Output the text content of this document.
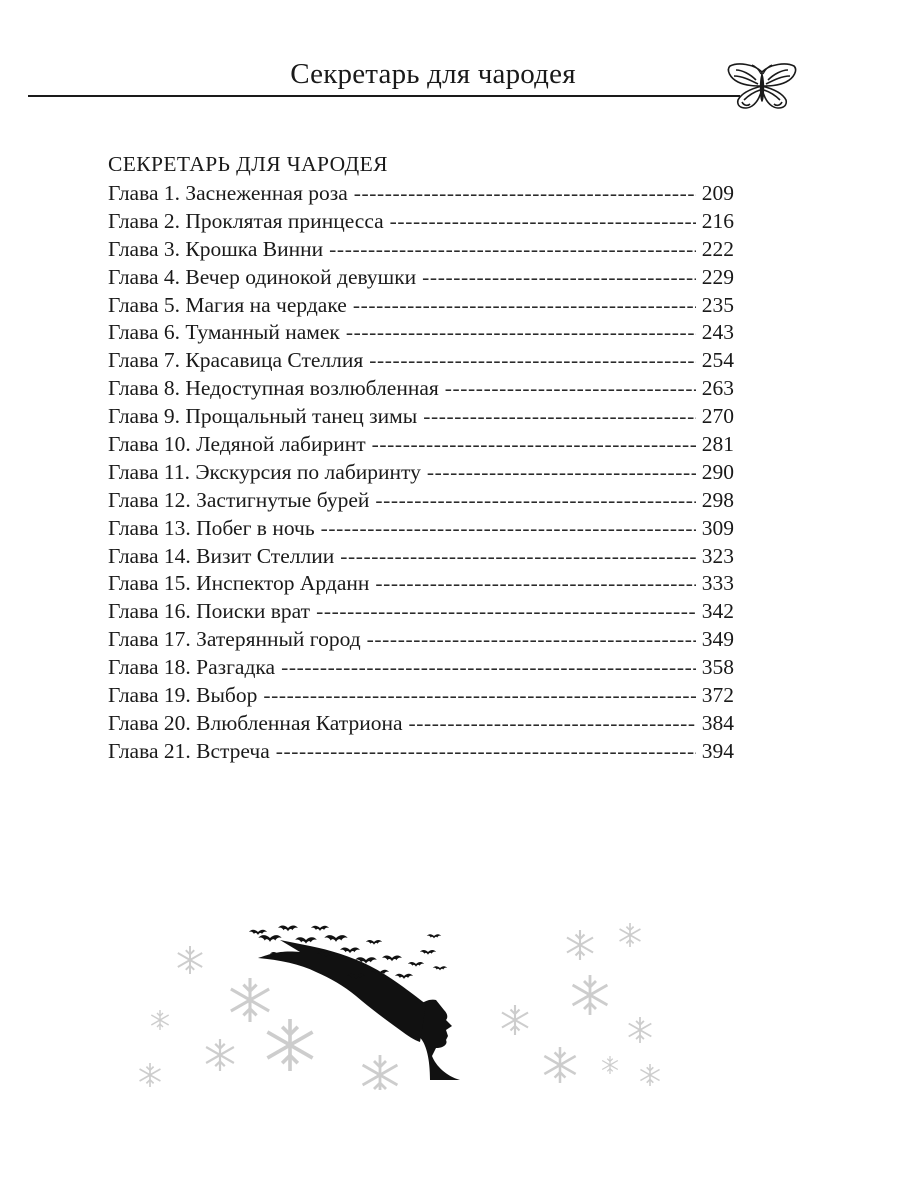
Секретарь для чародея
СЕКРЕТАРЬ ДЛЯ ЧАРОДЕЯ
Глава 1. Заснеженная роза -----	209
Глава 2. Проклятая принцесса -----	216
Глава 3. Крошка Винни -----	222
Глава 4. Вечер одинокой девушки -----	229
Глава 5. Магия на чердаке -----	235
Глава 6. Туманный намек -----	243
Глава 7. Красавица Стеллия -----	254
Глава 8. Недоступная возлюбленная -----	263
Глава 9. Прощальный танец зимы -----	270
Глава 10. Ледяной лабиринт -----	281
Глава 11. Экскурсия по лабиринту -----	290
Глава 12. Застигнутые бурей -----	298
Глава 13. Побег в ночь -----	309
Глава 14. Визит Стеллии -----	323
Глава 15. Инспектор Арданн -----	333
Глава 16. Поиски врат -----	342
Глава 17. Затерянный город -----	349
Глава 18. Разгадка -----	358
Глава 19. Выбор -----	372
Глава 20. Влюбленная Катриона -----	384
Глава 21. Встреча -----	394
